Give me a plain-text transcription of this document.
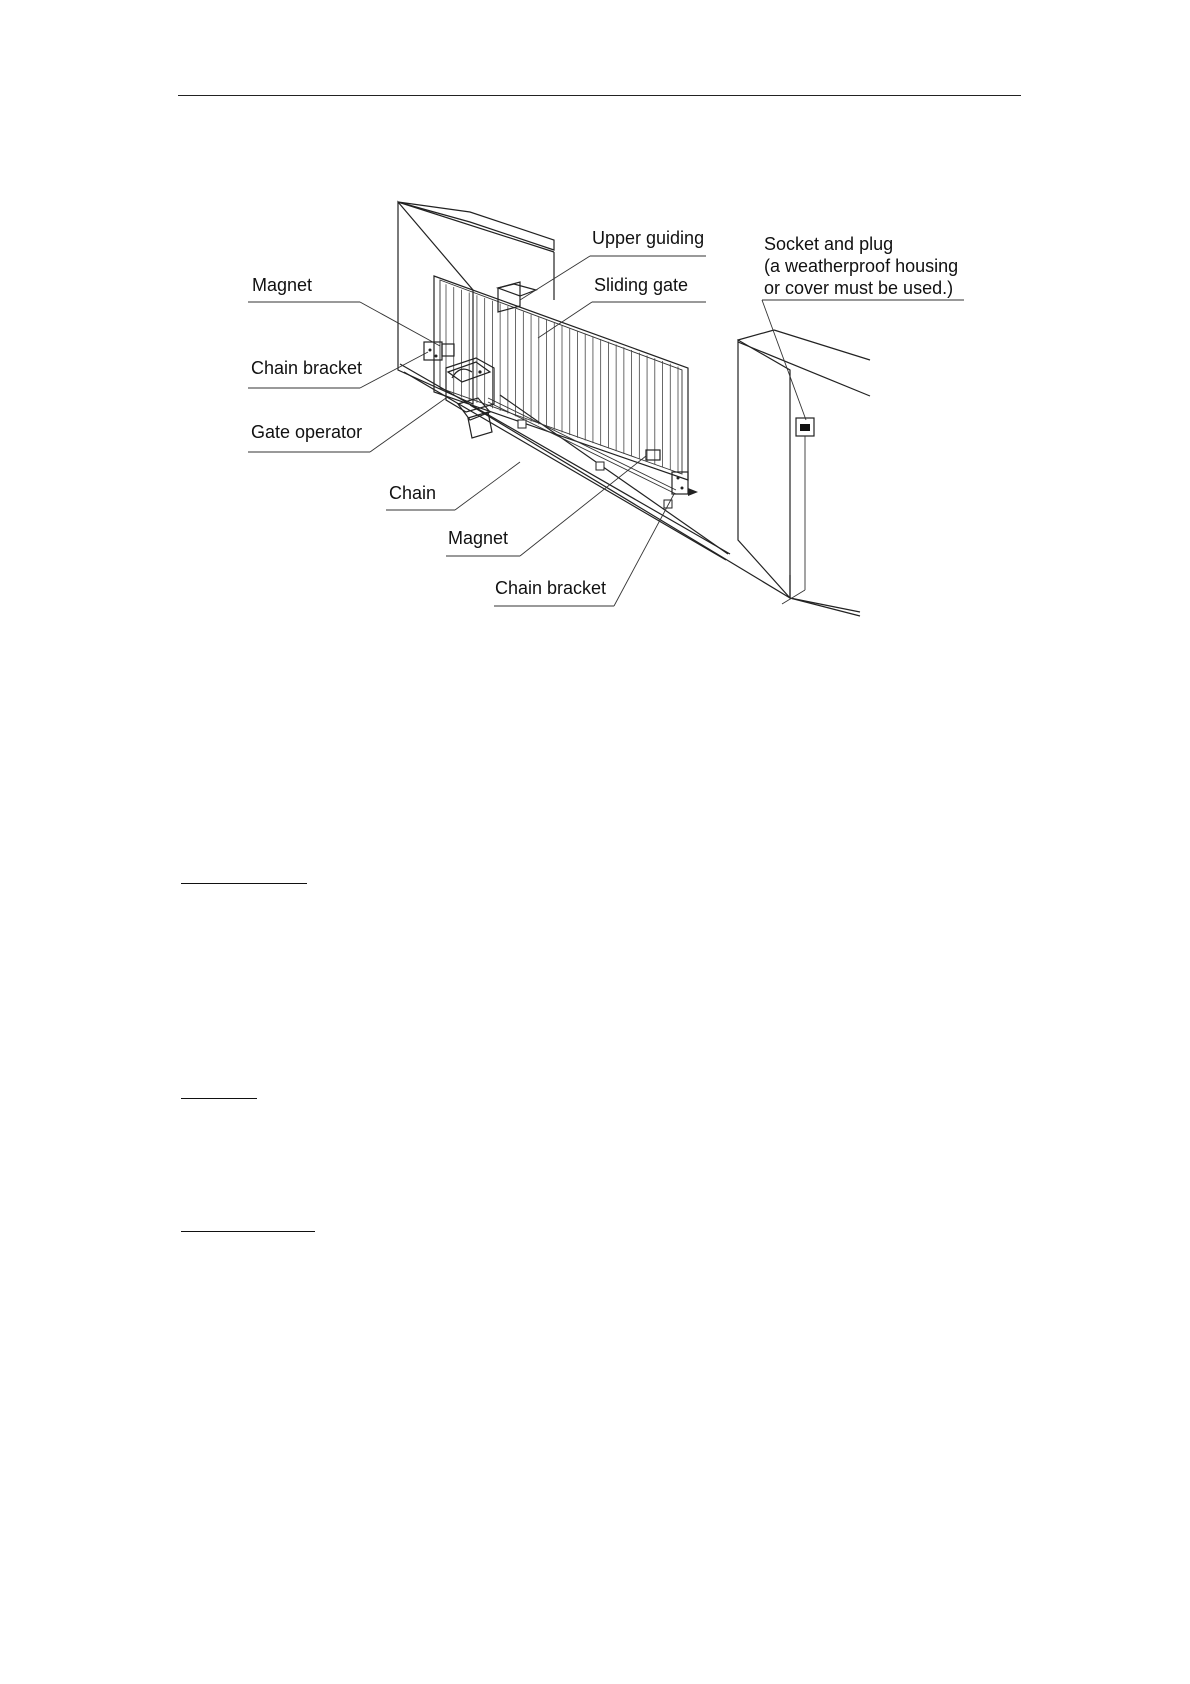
Upper guiding
Sliding gate
Socket and plug
(a weatherproof housing
or cover must be used.)
Magnet
Chain bracket
Gate operator
Chain
Magnet
Chain bracket
